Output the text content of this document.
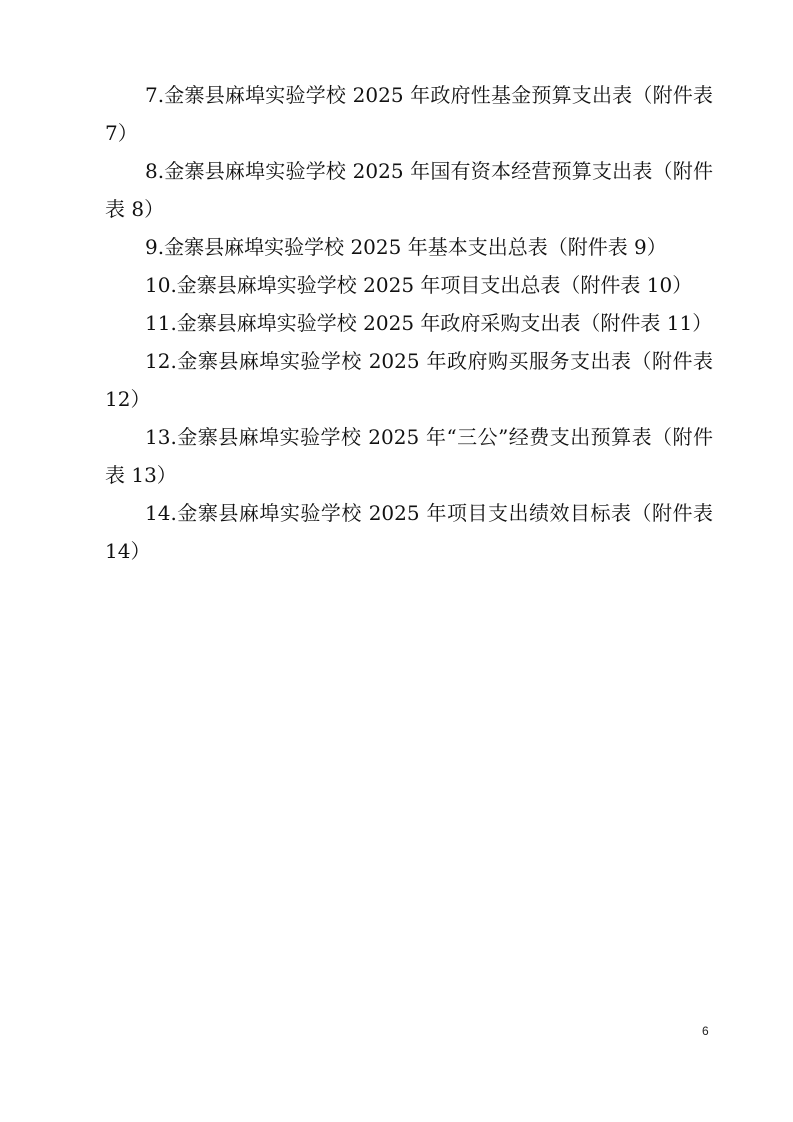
7.金寨县麻埠实验学校 2025 年政府性基金预算支出表（附件表 7）

8.金寨县麻埠实验学校 2025 年国有资本经营预算支出表（附件表 8）

9.金寨县麻埠实验学校 2025 年基本支出总表（附件表 9）

10.金寨县麻埠实验学校 2025 年项目支出总表（附件表 10）

11.金寨县麻埠实验学校 2025 年政府采购支出表（附件表 11）

12.金寨县麻埠实验学校 2025 年政府购买服务支出表（附件表 12）

13.金寨县麻埠实验学校 2025 年“三公”经费支出预算表（附件表 13）

14.金寨县麻埠实验学校 2025 年项目支出绩效目标表（附件表 14）

6
